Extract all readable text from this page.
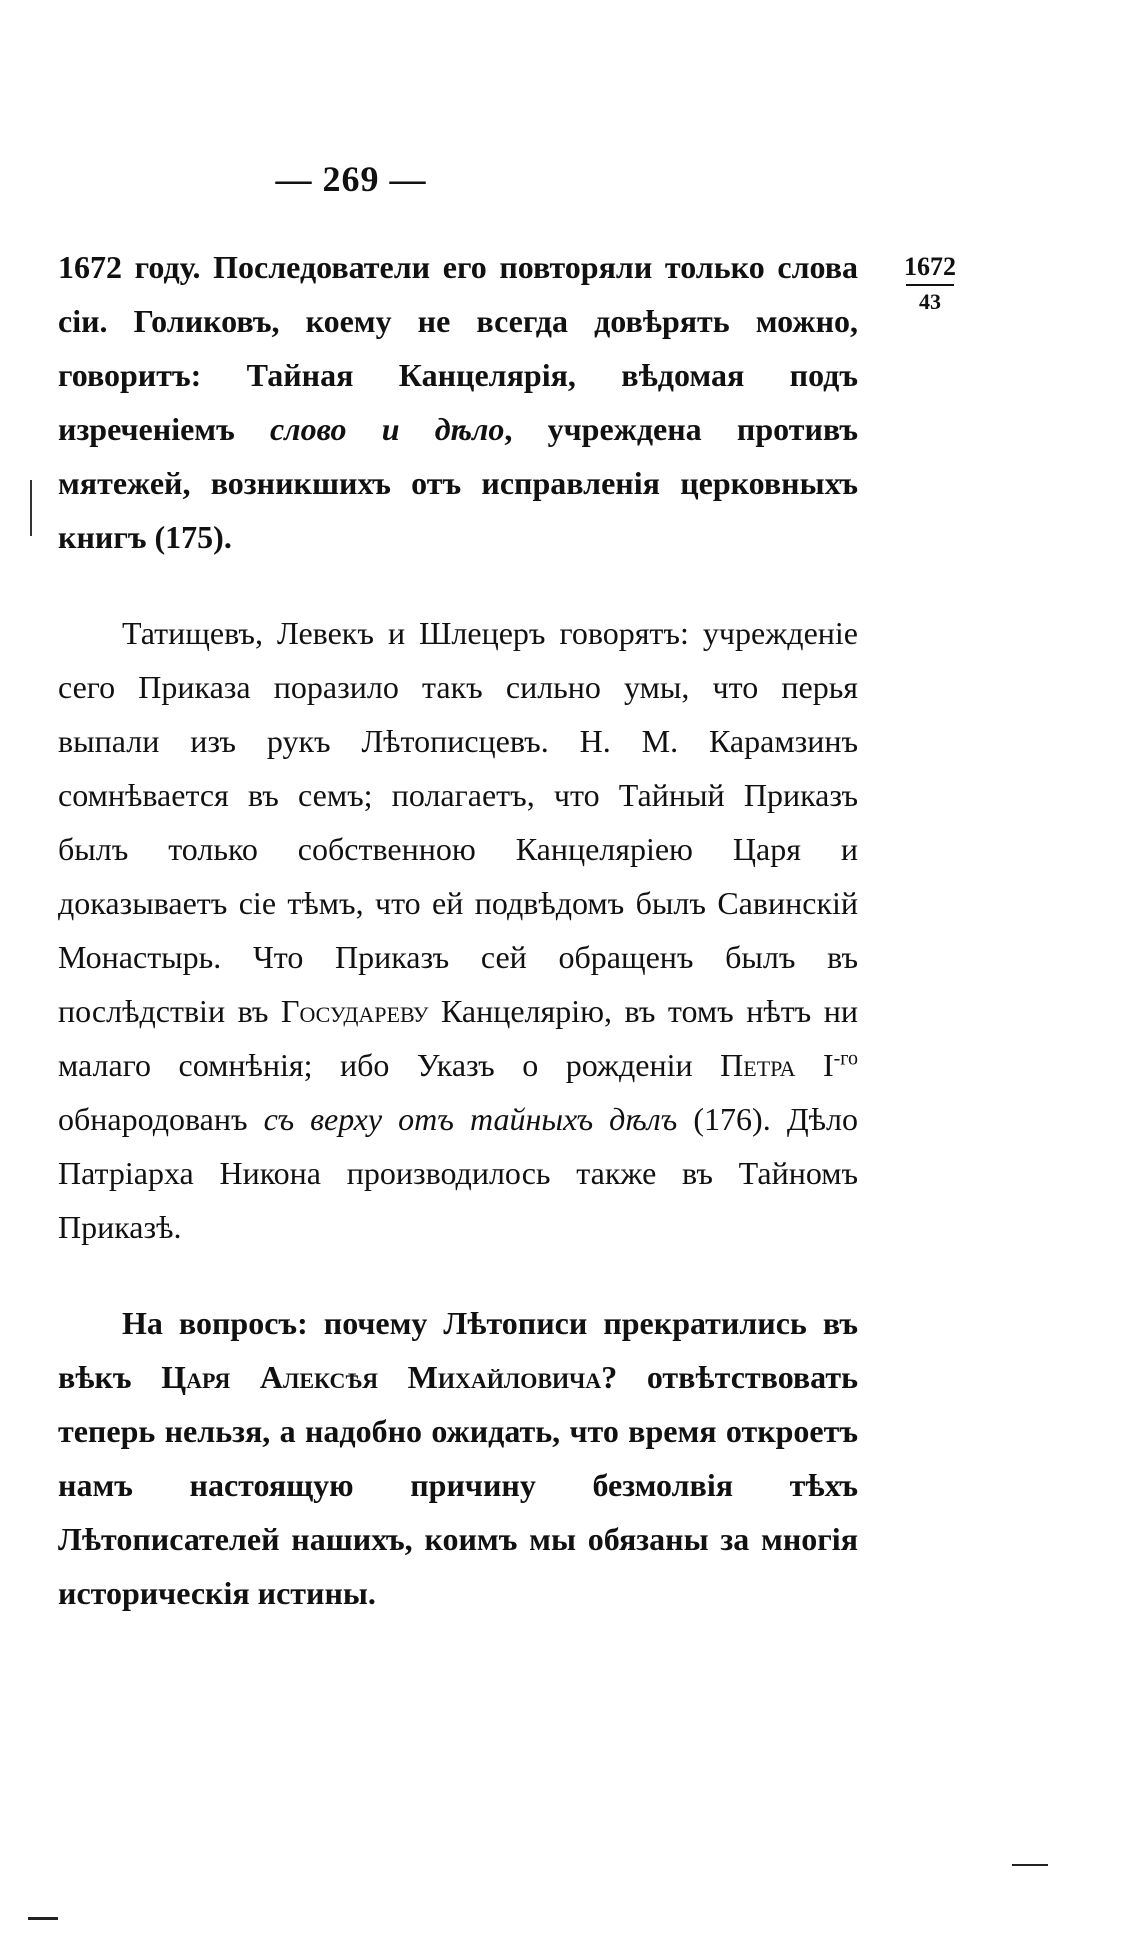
— 269 —
1672
43

1672 году. Последователи его повторяли только слова сіи. Голиковъ, коему не всегда довѣрять можно, говоритъ: Тайная Канцелярія, вѣдомая подъ изреченіемъ слово и дѣло, учреждена противъ мятежей, возникшихъ отъ исправленія церковныхъ книгъ (175).

Татищевъ, Левекъ и Шлецеръ говорятъ: учрежденіе сего Приказа поразило такъ сильно умы, что перья выпали изъ рукъ Лѣтописцевъ. Н. М. Карамзинъ сомнѣвается въ семъ; полагаетъ, что Тайный Приказъ былъ только собственною Канцеляріею Царя и доказываетъ сіе тѣмъ, что ей подвѣдомъ былъ Савинскій Монастырь. Что Приказъ сей обращенъ былъ въ послѣдствіи въ Государеву Канцелярію, въ томъ нѣтъ ни малаго сомнѣнія; ибо Указъ о рожденіи Петра $I^{-го}$ обнародованъ съ верху отъ тайныхъ дѣлъ (176). Дѣло Патріарха Никона производилось также въ Тайномъ Приказѣ.

На вопросъ: почему Лѣтописи прекратились въ вѣкъ Царя Алексѣя Михайловича? отвѣтствовать теперь нельзя, а надобно ожидать, что время откроетъ намъ настоящую причину безмолвія тѣхъ Лѣтописателей нашихъ, коимъ мы обязаны за многія историческія истины.
